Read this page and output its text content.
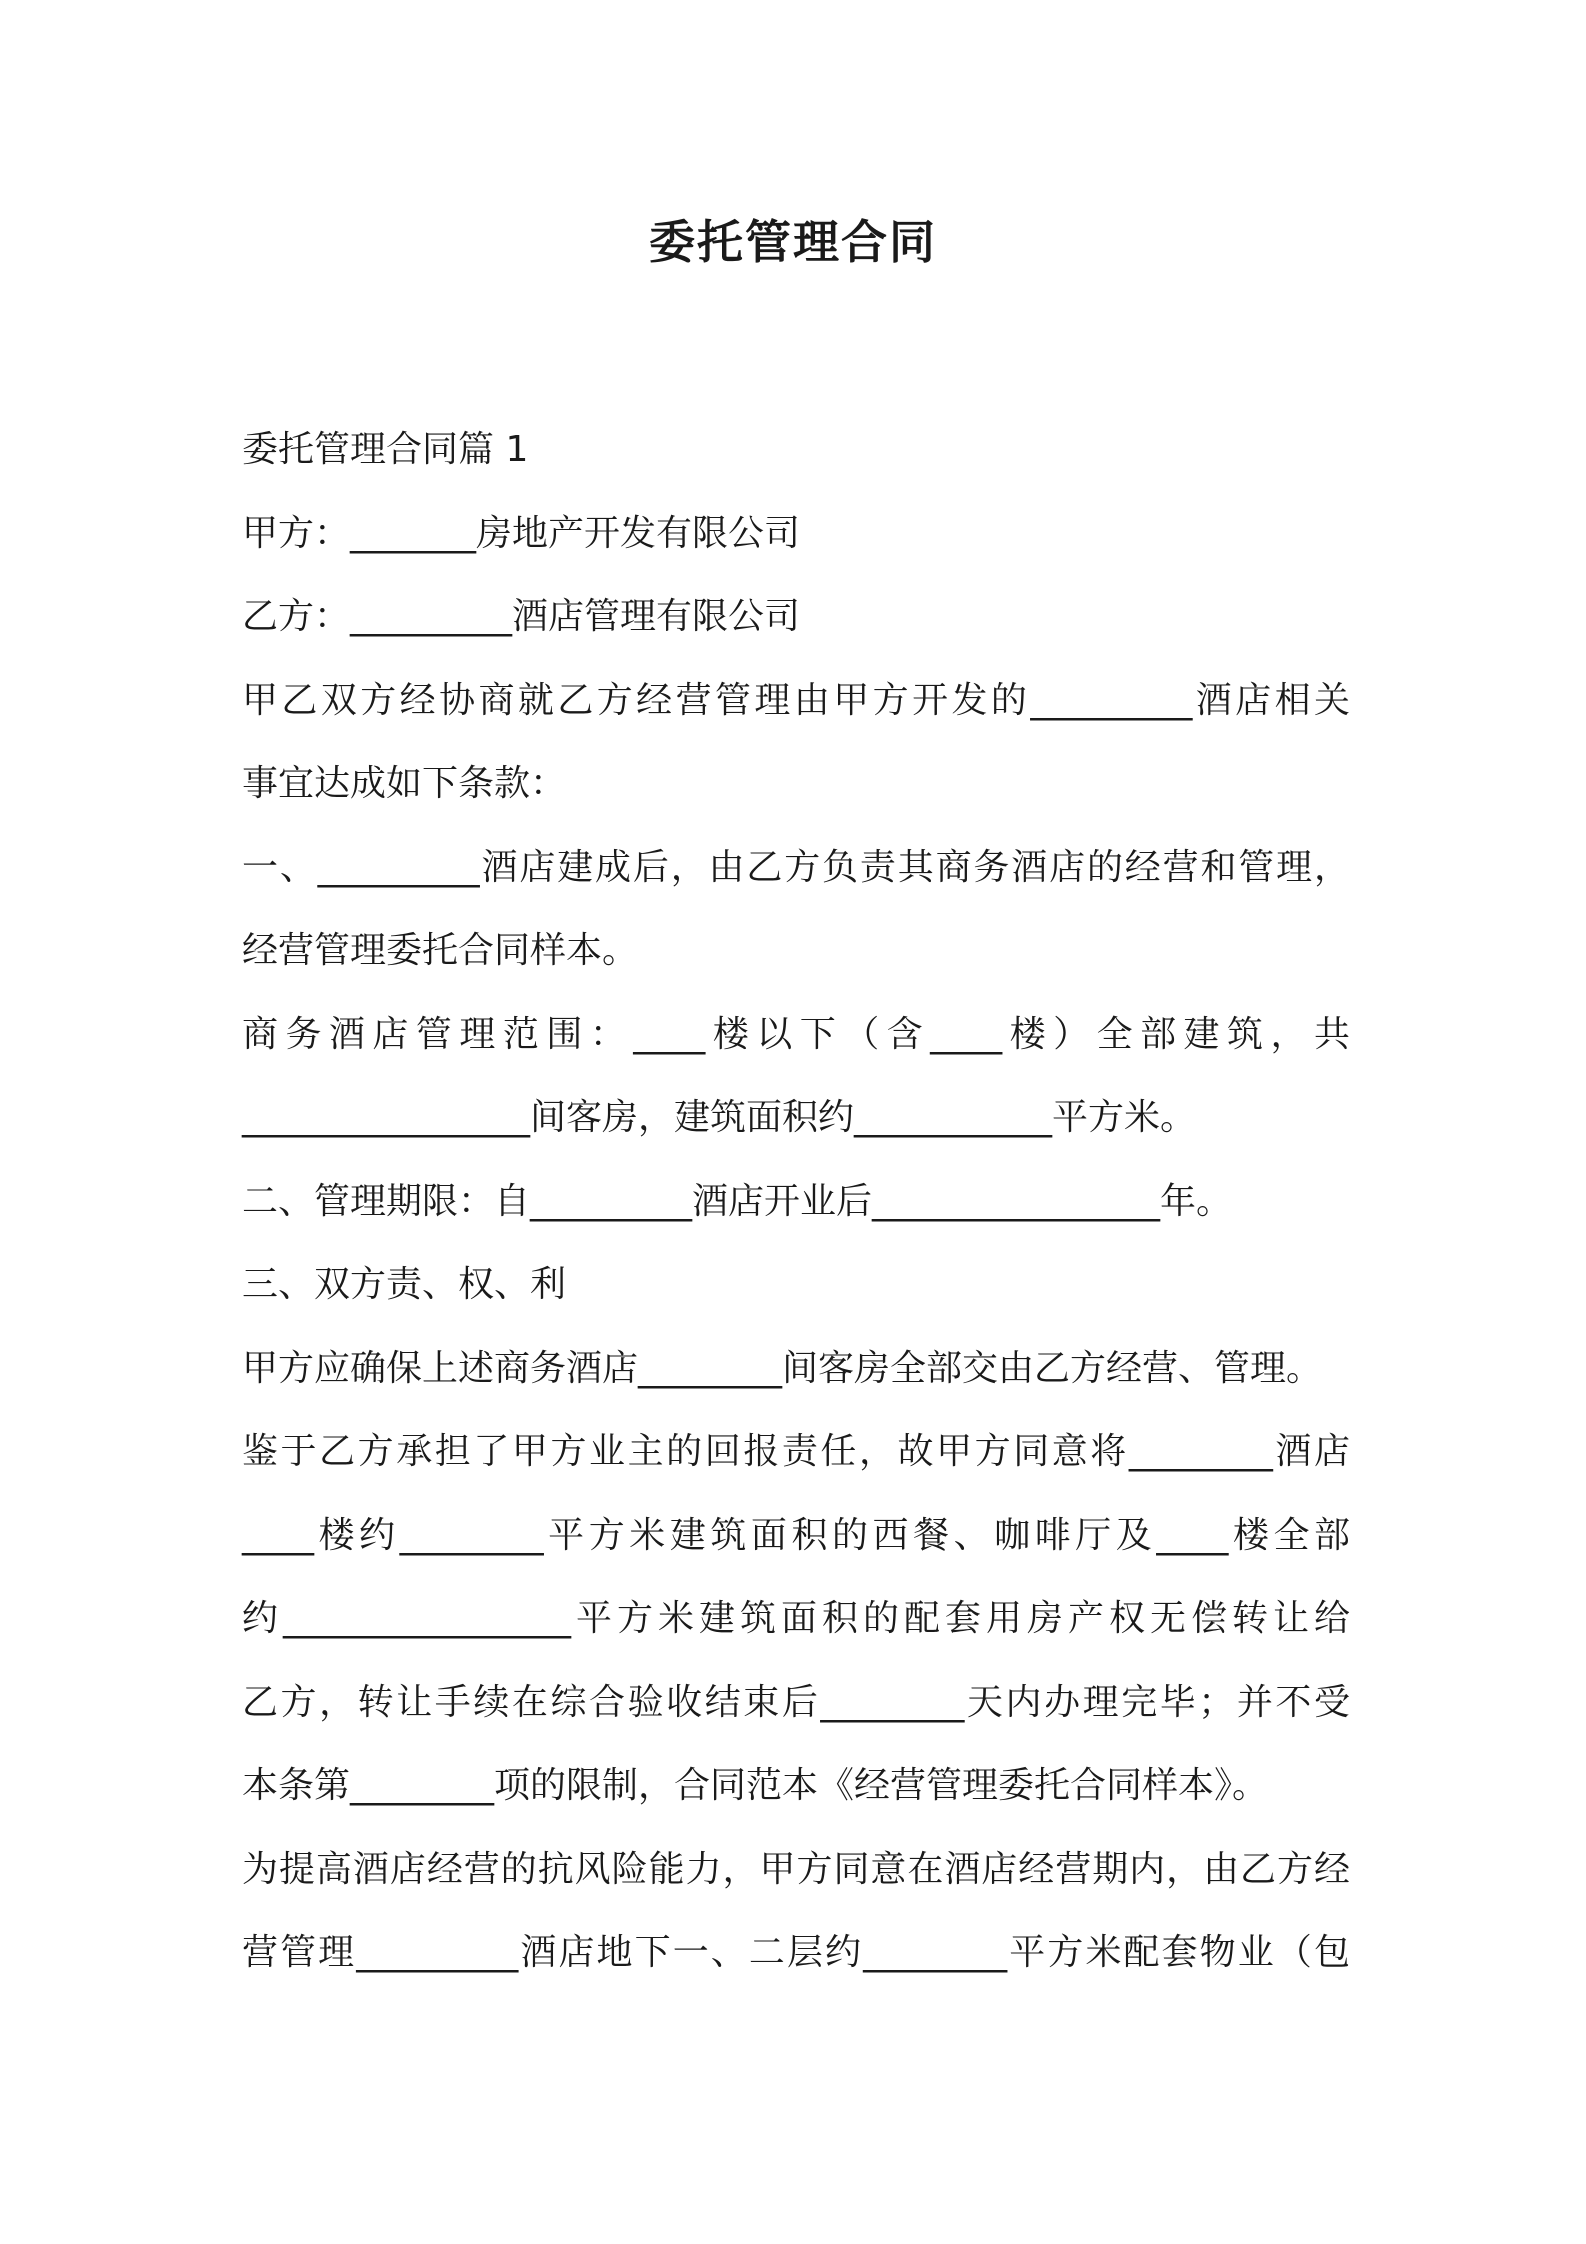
委托管理合同
委托管理合同篇 1
甲方：_______房地产开发有限公司
乙方：_________酒店管理有限公司
甲乙双方经协商就乙方经营管理由甲方开发的_________酒店相关
事宜达成如下条款：
一、_________酒店建成后，由乙方负责其商务酒店的经营和管理，
经营管理委托合同样本。
商务酒店管理范围：____楼以下（含____楼）全部建筑，共
________________间客房，建筑面积约___________平方米。
二、管理期限：自_________酒店开业后________________年。
三、双方责、权、利
甲方应确保上述商务酒店________间客房全部交由乙方经营、管理。
鉴于乙方承担了甲方业主的回报责任，故甲方同意将________酒店
____楼约________平方米建筑面积的西餐、咖啡厅及____楼全部
约________________平方米建筑面积的配套用房产权无偿转让给
乙方，转让手续在综合验收结束后________天内办理完毕；并不受
本条第________项的限制，合同范本《经营管理委托合同样本》。
为提高酒店经营的抗风险能力，甲方同意在酒店经营期内，由乙方经
营管理_________酒店地下一、二层约________平方米配套物业（包
